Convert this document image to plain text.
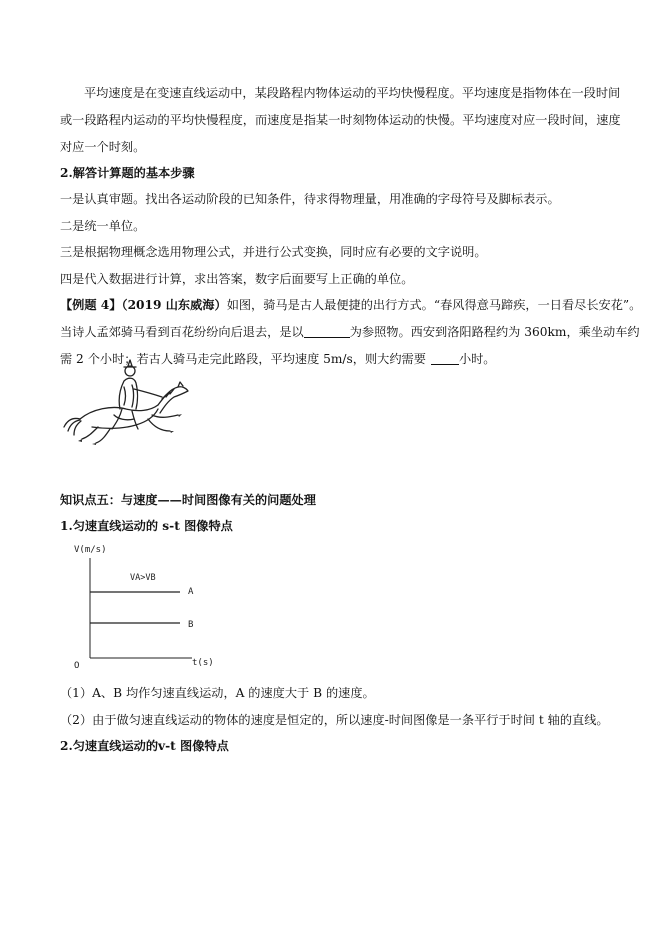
平均速度是在变速直线运动中，某段路程内物体运动的平均快慢程度。平均速度是指物体在一段时间
或一段路程内运动的平均快慢程度，而速度是指某一时刻物体运动的快慢。平均速度对应一段时间，速度
对应一个时刻。
2.解答计算题的基本步骤
一是认真审题。找出各运动阶段的已知条件，待求得物理量，用准确的字母符号及脚标表示。
二是统一单位。
三是根据物理概念选用物理公式，并进行公式变换，同时应有必要的文字说明。
四是代入数据进行计算，求出答案，数字后面要写上正确的单位。
【例题 4】（2019 山东威海）如图，骑马是古人最便捷的出行方式。“春风得意马蹄疾，一日看尽长安花”。
当诗人孟郊骑马看到百花纷纷向后退去，是以	为参照物。西安到洛阳路程约为 360km，乘坐动车约
需 2 个小时；若古人骑马走完此路段，平均速度 5m/s，则大约需要	小时。
知识点五：与速度——时间图像有关的问题处理
1.匀速直线运动的 s-t 图像特点
V(m/s)
t(s)
O
VA>VB
A
B
（1）A、B 均作匀速直线运动，A 的速度大于 B 的速度。
（2）由于做匀速直线运动的物体的速度是恒定的，所以速度-时间图像是一条平行于时间 t 轴的直线。
2.匀速直线运动的v-t 图像特点
